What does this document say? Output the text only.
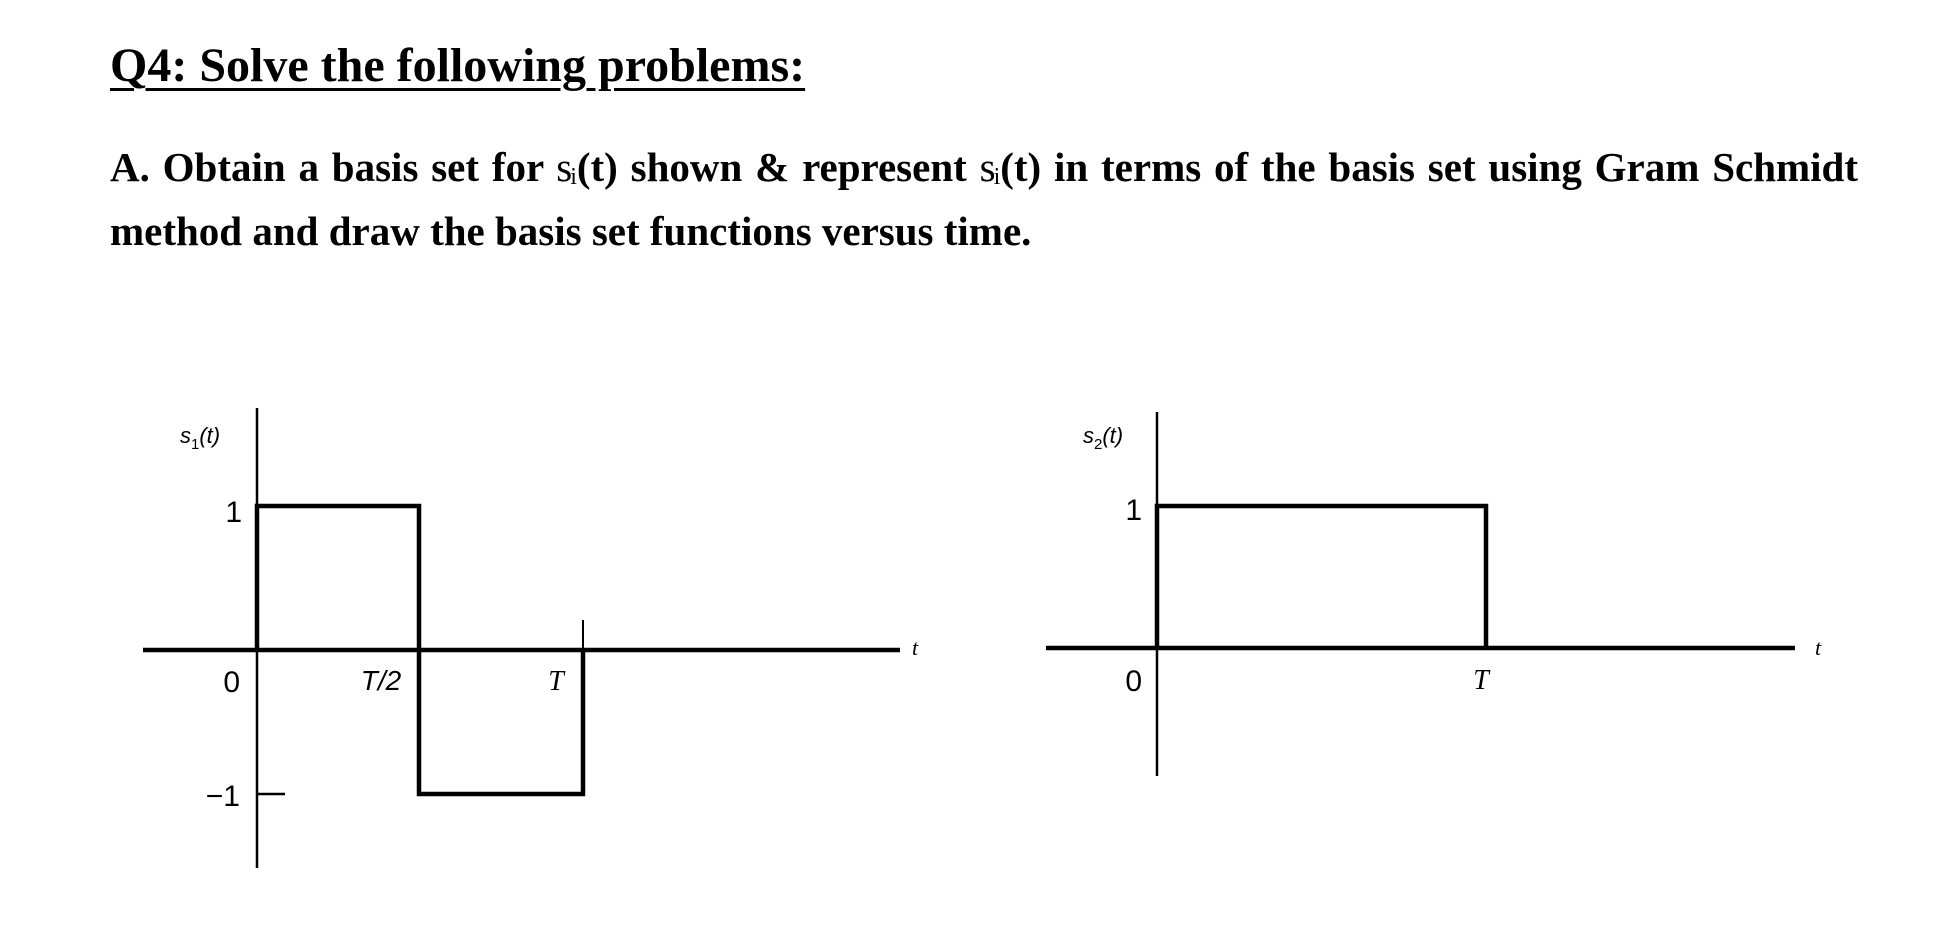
Q4: Solve the following problems:

A. Obtain a basis set for si(t) shown & represent si(t) in terms of the basis set using Gram Schmidt method and draw the basis set functions versus time.

$s_1(t)$
1
0
−1
T/2	T
t
$s_2(t)$
1
0	T
t
